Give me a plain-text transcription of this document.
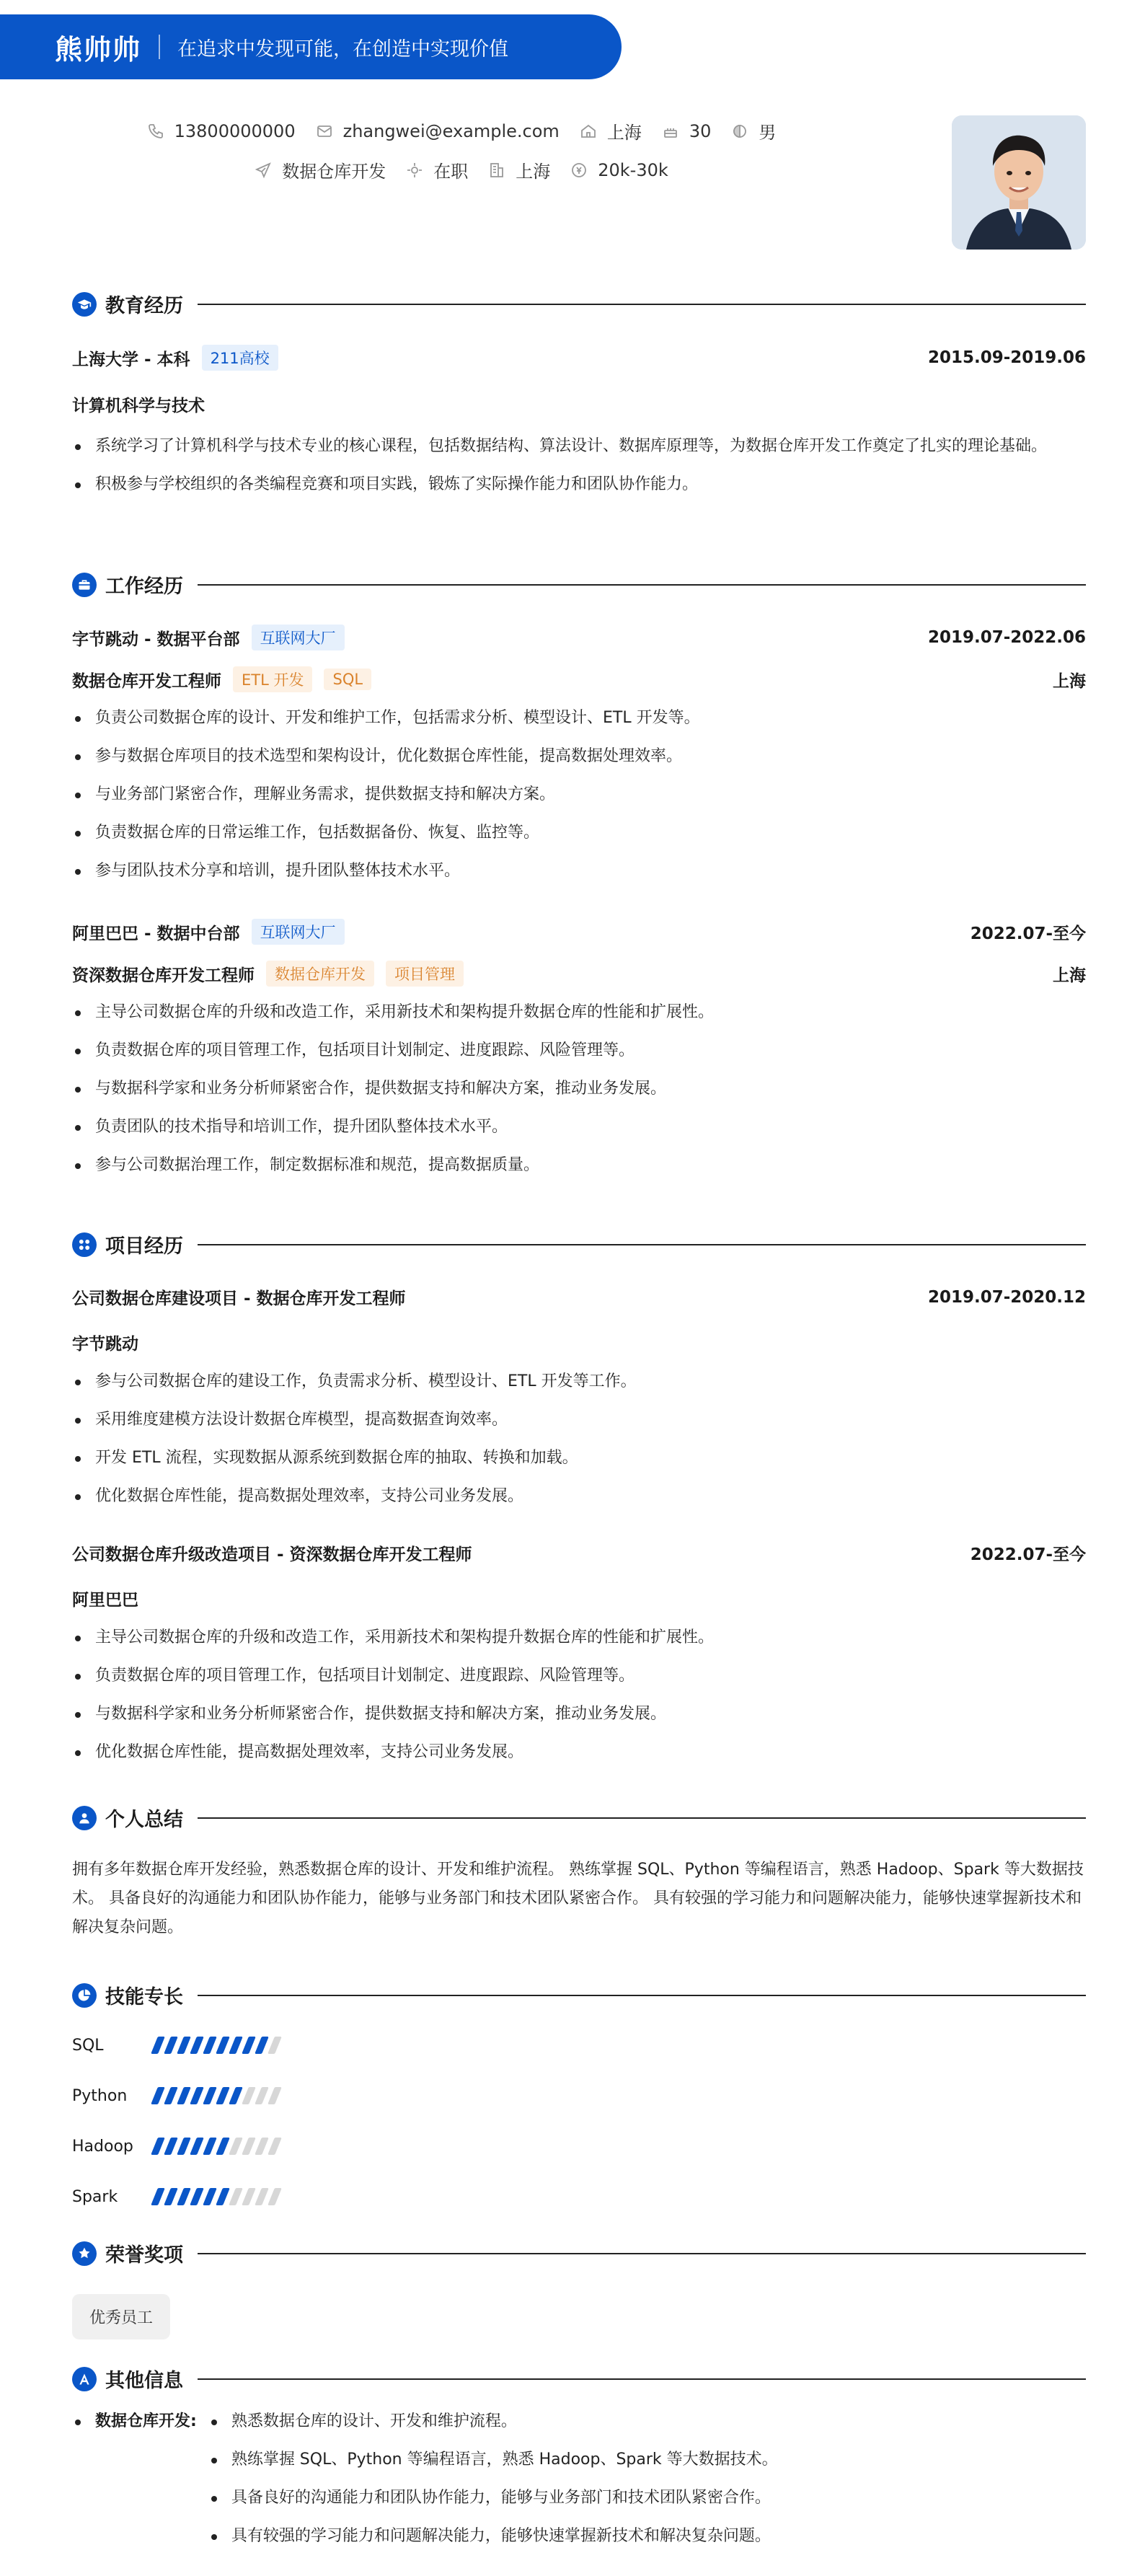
熊帅帅 在追求中发现可能，在创造中实现价值
13800000000	zhangwei@example.com	上海	30	男
数据仓库开发	在职	上海	20k-30k
教育经历
上海大学 - 本科	211高校	2015.09-2019.06
计算机科学与技术
系统学习了计算机科学与技术专业的核心课程，包括数据结构、算法设计、数据库原理等，为数据仓库开发工作奠定了扎实的理论基础。
积极参与学校组织的各类编程竞赛和项目实践，锻炼了实际操作能力和团队协作能力。
工作经历
字节跳动 - 数据平台部	互联网大厂	2019.07-2022.06
数据仓库开发工程师	ETL 开发	SQL	上海
负责公司数据仓库的设计、开发和维护工作，包括需求分析、模型设计、ETL 开发等。
参与数据仓库项目的技术选型和架构设计，优化数据仓库性能，提高数据处理效率。
与业务部门紧密合作，理解业务需求，提供数据支持和解决方案。
负责数据仓库的日常运维工作，包括数据备份、恢复、监控等。
参与团队技术分享和培训，提升团队整体技术水平。
阿里巴巴 - 数据中台部	互联网大厂	2022.07-至今
资深数据仓库开发工程师	数据仓库开发	项目管理	上海
主导公司数据仓库的升级和改造工作，采用新技术和架构提升数据仓库的性能和扩展性。
负责数据仓库的项目管理工作，包括项目计划制定、进度跟踪、风险管理等。
与数据科学家和业务分析师紧密合作，提供数据支持和解决方案，推动业务发展。
负责团队的技术指导和培训工作，提升团队整体技术水平。
参与公司数据治理工作，制定数据标准和规范，提高数据质量。
项目经历
公司数据仓库建设项目 - 数据仓库开发工程师	2019.07-2020.12
字节跳动
参与公司数据仓库的建设工作，负责需求分析、模型设计、ETL 开发等工作。
采用维度建模方法设计数据仓库模型，提高数据查询效率。
开发 ETL 流程，实现数据从源系统到数据仓库的抽取、转换和加载。
优化数据仓库性能，提高数据处理效率，支持公司业务发展。
公司数据仓库升级改造项目 - 资深数据仓库开发工程师	2022.07-至今
阿里巴巴
主导公司数据仓库的升级和改造工作，采用新技术和架构提升数据仓库的性能和扩展性。
负责数据仓库的项目管理工作，包括项目计划制定、进度跟踪、风险管理等。
与数据科学家和业务分析师紧密合作，提供数据支持和解决方案，推动业务发展。
优化数据仓库性能，提高数据处理效率，支持公司业务发展。
个人总结
拥有多年数据仓库开发经验，熟悉数据仓库的设计、开发和维护流程。 熟练掌握 SQL、Python 等编程语言，熟悉 Hadoop、Spark 等大数据技术。 具备良好的沟通能力和团队协作能力，能够与业务部门和技术团队紧密合作。 具有较强的学习能力和问题解决能力，能够快速掌握新技术和解决复杂问题。
技能专长
SQL
Python
Hadoop
Spark
荣誉奖项
优秀员工
其他信息
数据仓库开发:	熟悉数据仓库的设计、开发和维护流程。
熟练掌握 SQL、Python 等编程语言，熟悉 Hadoop、Spark 等大数据技术。
具备良好的沟通能力和团队协作能力，能够与业务部门和技术团队紧密合作。
具有较强的学习能力和问题解决能力，能够快速掌握新技术和解决复杂问题。
